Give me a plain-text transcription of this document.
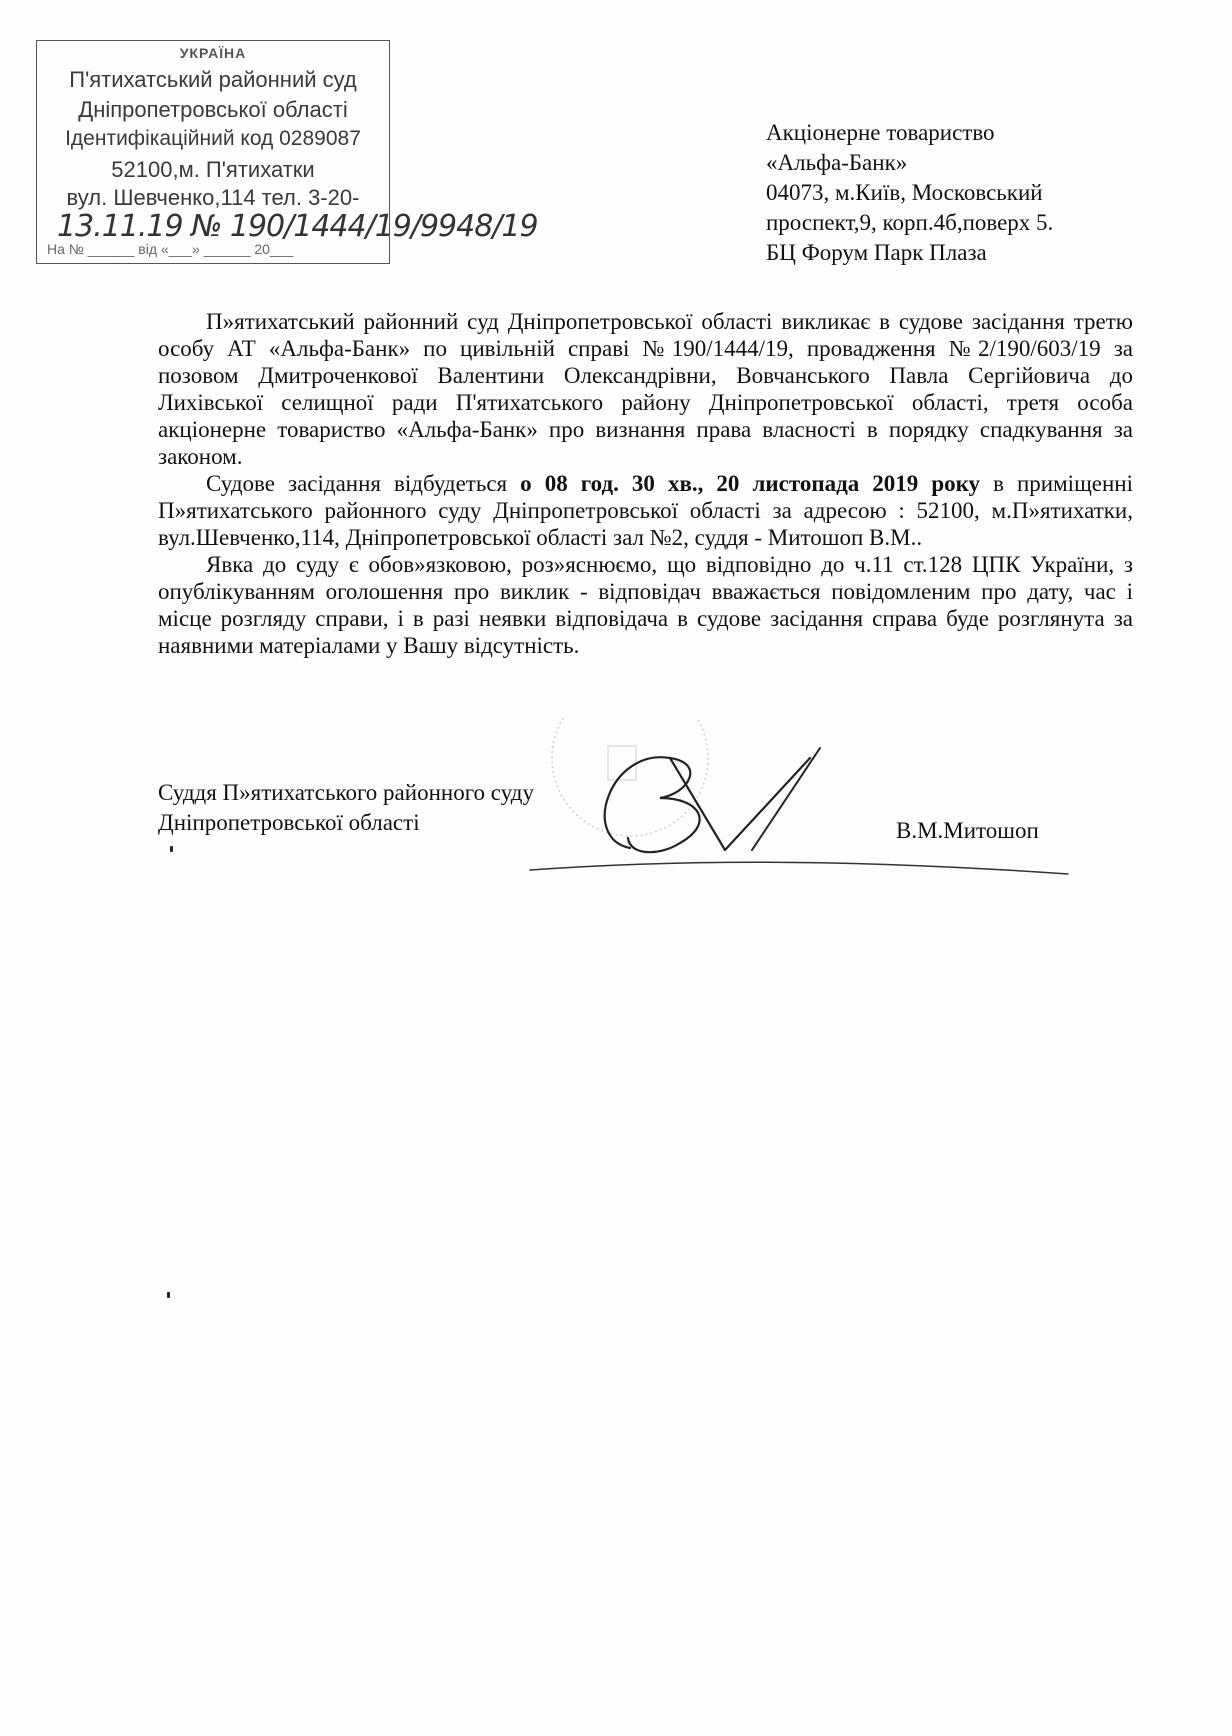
УКРАЇНА
П'ятихатський районний суд
Дніпропетровської області
Ідентифікаційний код 0289087
52100,м. П'ятихатки
вул. Шевченко,114 тел. 3-20-
13.11.19 № 190/1444/19/9948/19
На № ______ від «___» ______ 20___
Акціонерне товариство
«Альфа-Банк»
04073, м.Київ, Московський
проспект,9, корп.4б,поверх 5.
БЦ Форум Парк Плаза

П»ятихатський районний суд Дніпропетровської області викликає в судове засідання третю особу АТ «Альфа-Банк» по цивільній справі №190/1444/19, провадження №2/190/603/19 за позовом Дмитроченкової Валентини Олександрівни, Вовчанського Павла Сергійовича до Лихівської селищної ради П'ятихатського району Дніпропетровської області, третя особа акціонерне товариство «Альфа-Банк» про визнання права власності в порядку спадкування за законом.

Судове засідання відбудеться о 08 год. 30 хв., 20 листопада 2019 року в приміщенні П»ятихатського районного суду Дніпропетровської області за адресою : 52100, м.П»ятихатки, вул.Шевченко,114, Дніпропетровської області зал №2, суддя - Митошоп В.М..

Явка до суду є обов»язковою, роз»яснюємо, що відповідно до ч.11 ст.128 ЦПК України, з опублікуванням оголошення про виклик - відповідач вважається повідомленим про дату, час і місце розгляду справи, і в разі неявки відповідача в судове засідання справа буде розглянута за наявними матеріалами у Вашу відсутність.

Суддя П»ятихатського районного суду
Дніпропетровської області	В.М.Митошоп
